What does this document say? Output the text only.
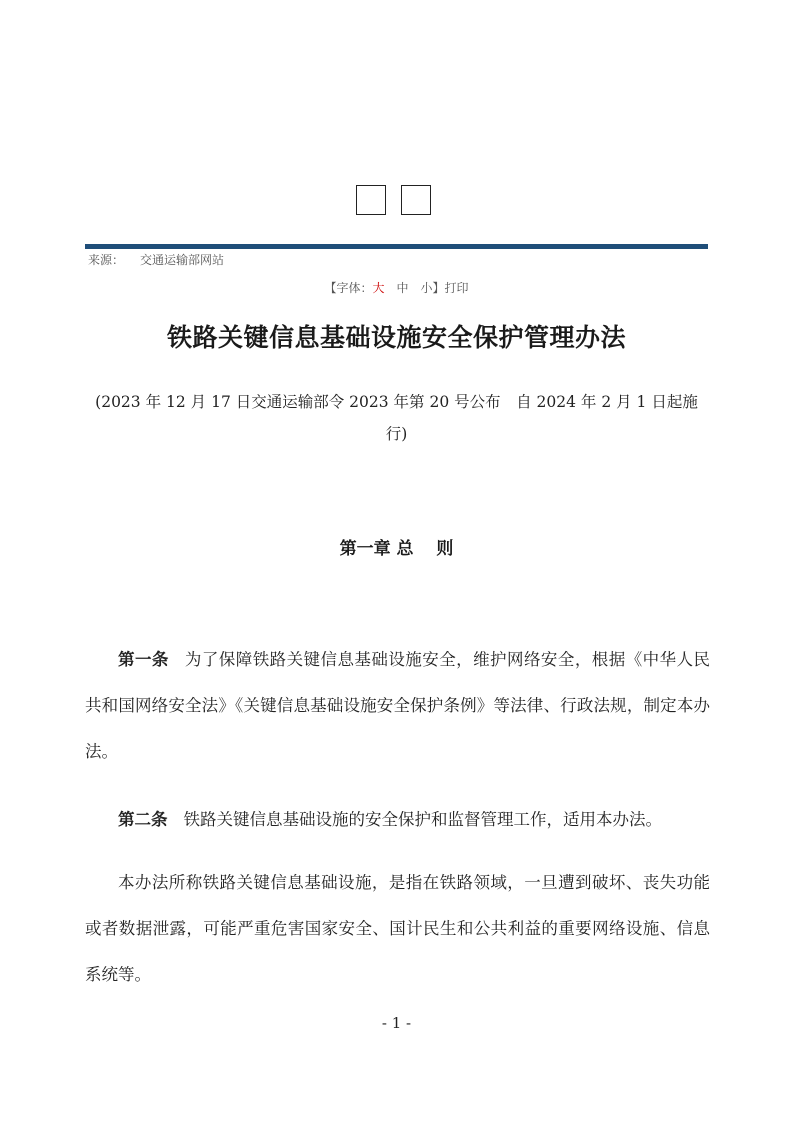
来源： 交通运输部网站
【字体：大 中 小】打印
铁路关键信息基础设施安全保护管理办法
(2023 年 12 月 17 日交通运输部令 2023 年第 20 号公布　自 2024 年 2 月 1 日起施行)
第一章 总　 则
第一条 为了保障铁路关键信息基础设施安全，维护网络安全，根据《中华人民共和国网络安全法》《关键信息基础设施安全保护条例》等法律、行政法规，制定本办法。
第二条 铁路关键信息基础设施的安全保护和监督管理工作，适用本办法。
本办法所称铁路关键信息基础设施，是指在铁路领域，一旦遭到破坏、丧失功能或者数据泄露，可能严重危害国家安全、国计民生和公共利益的重要网络设施、信息系统等。
- 1 -
